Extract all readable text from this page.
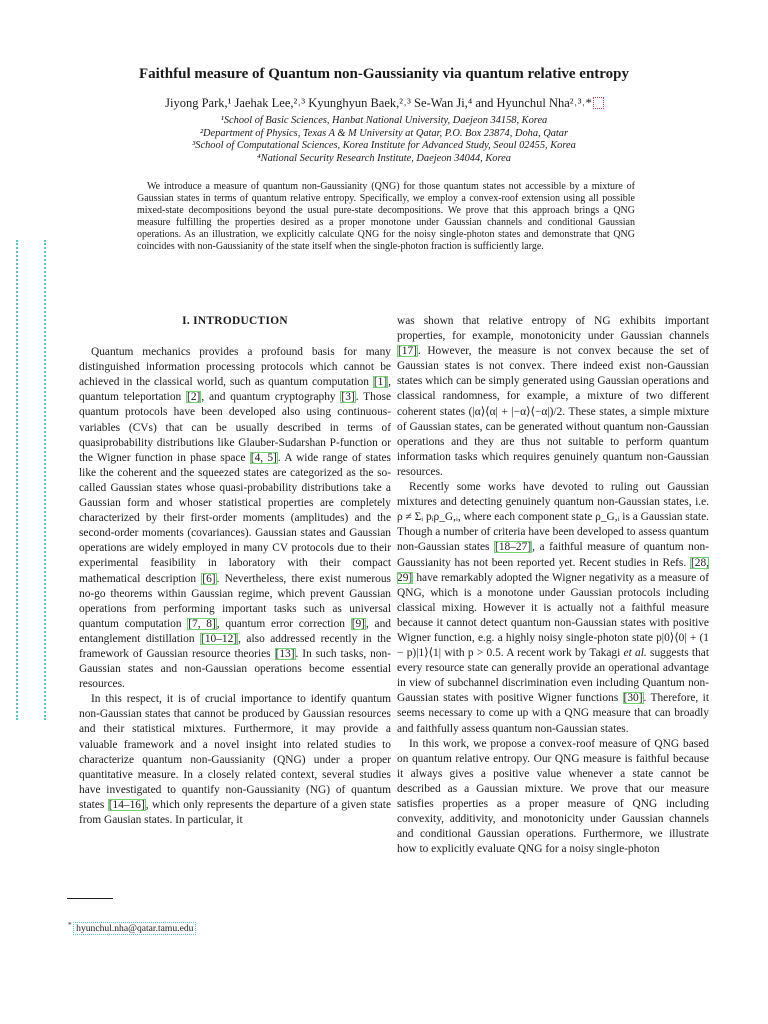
Faithful measure of Quantum non-Gaussianity via quantum relative entropy
Jiyong Park,¹ Jaehak Lee,²˒³ Kyunghyun Baek,²˒³ Se-Wan Ji,⁴ and Hyunchul Nha²˒³˒*
¹School of Basic Sciences, Hanbat National University, Daejeon 34158, Korea
²Department of Physics, Texas A & M University at Qatar, P.O. Box 23874, Doha, Qatar
³School of Computational Sciences, Korea Institute for Advanced Study, Seoul 02455, Korea
⁴National Security Research Institute, Daejeon 34044, Korea
We introduce a measure of quantum non-Gaussianity (QNG) for those quantum states not accessible by a mixture of Gaussian states in terms of quantum relative entropy. Specifically, we employ a convex-roof extension using all possible mixed-state decompositions beyond the usual pure-state decompositions. We prove that this approach brings a QNG measure fulfilling the properties desired as a proper monotone under Gaussian channels and conditional Gaussian operations. As an illustration, we explicitly calculate QNG for the noisy single-photon states and demonstrate that QNG coincides with non-Gaussianity of the state itself when the single-photon fraction is sufficiently large.
I. INTRODUCTION

Quantum mechanics provides a profound basis for many distinguished information processing protocols which cannot be achieved in the classical world, such as quantum computation [1], quantum teleportation [2], and quantum cryptography [3]. Those quantum protocols have been developed also using continuous-variables (CVs) that can be usually described in terms of quasiprobability distributions like Glauber-Sudarshan P-function or the Wigner function in phase space [4, 5]. A wide range of states like the coherent and the squeezed states are categorized as the so-called Gaussian states whose quasi-probability distributions take a Gaussian form and whoser statistical properties are completely characterized by their first-order moments (amplitudes) and the second-order moments (covariances). Gaussian states and Gaussian operations are widely employed in many CV protocols due to their experimental feasibility in laboratory with their compact mathematical description [6]. Nevertheless, there exist numerous no-go theorems within Gaussian regime, which prevent Gaussian operations from performing important tasks such as universal quantum computation [7, 8], quantum error correction [9], and entanglement distillation [10–12], also addressed recently in the framework of Gaussian resource theories [13]. In such tasks, non-Gaussian states and non-Gaussian operations become essential resources.

In this respect, it is of crucial importance to identify quantum non-Gaussian states that cannot be produced by Gaussian resources and their statistical mixtures. Furthermore, it may provide a valuable framework and a novel insight into related studies to characterize quantum non-Gaussianity (QNG) under a proper quantitative measure. In a closely related context, several studies have investigated to quantify non-Gaussianity (NG) of quantum states [14–16], which only represents the departure of a given state from Gausian states. In particular, it

was shown that relative entropy of NG exhibits important properties, for example, monotonicity under Gaussian channels [17]. However, the measure is not convex because the set of Gaussian states is not convex. There indeed exist non-Gaussian states which can be simply generated using Gaussian operations and classical randomness, for example, a mixture of two different coherent states (|α⟩⟨α| + |−α⟩⟨−α|)/2. These states, a simple mixture of Gaussian states, can be generated without quantum non-Gaussian operations and they are thus not suitable to perform quantum information tasks which requires genuinely quantum non-Gaussian resources.

Recently some works have devoted to ruling out Gaussian mixtures and detecting genuinely quantum non-Gaussian states, i.e. ρ ≠ Σᵢ pᵢρ_G,ᵢ, where each component state ρ_G,ᵢ is a Gaussian state. Though a number of criteria have been developed to assess quantum non-Gaussian states [18–27], a faithful measure of quantum non-Gaussianity has not been reported yet. Recent studies in Refs. [28, 29] have remarkably adopted the Wigner negativity as a measure of QNG, which is a monotone under Gaussian protocols including classical mixing. However it is actually not a faithful measure because it cannot detect quantum non-Gaussian states with positive Wigner function, e.g. a highly noisy single-photon state p|0⟩⟨0| + (1 − p)|1⟩⟨1| with p > 0.5. A recent work by Takagi et al. suggests that every resource state can generally provide an operational advantage in view of subchannel discrimination even including Quantum non-Gaussian states with positive Wigner functions [30]. Therefore, it seems necessary to come up with a QNG measure that can broadly and faithfully assess quantum non-Gaussian states.

In this work, we propose a convex-roof measure of QNG based on quantum relative entropy. Our QNG measure is faithful because it always gives a positive value whenever a state cannot be described as a Gaussian mixture. We prove that our measure satisfies properties as a proper measure of QNG including convexity, additivity, and monotonicity under Gaussian channels and conditional Gaussian operations. Furthermore, we illustrate how to explicitly evaluate QNG for a noisy single-photon

* hyunchul.nha@qatar.tamu.edu
